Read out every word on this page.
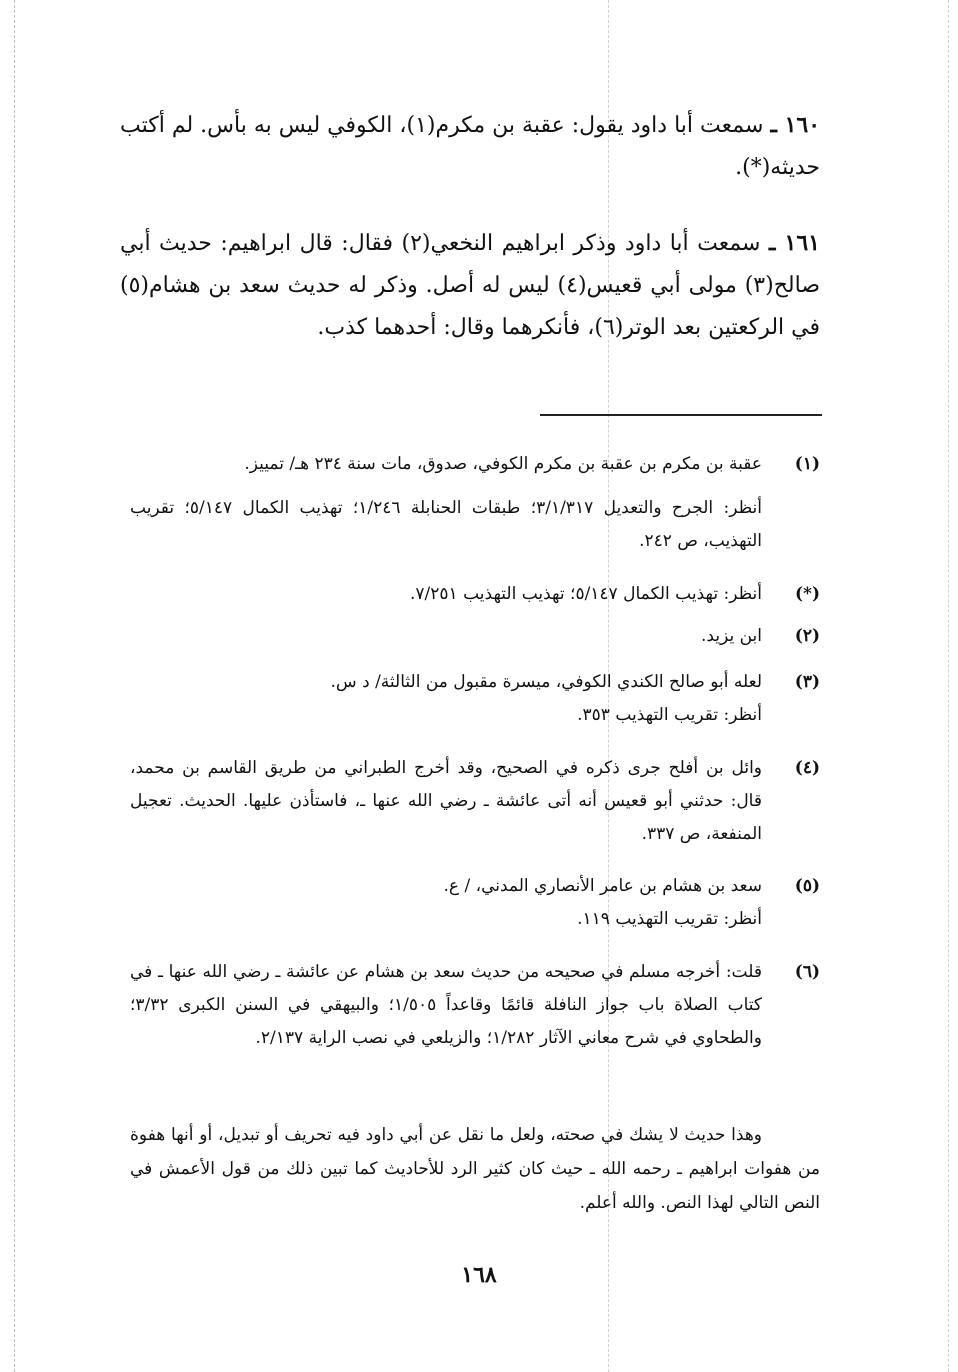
١٦٠ ـ سمعت أبا داود يقول: عقبة بن مكرم(١)، الكوفي ليس به بأس. لم أكتب حديثه(*).
١٦١ ـ سمعت أبا داود وذكر ابراهيم النخعي(٢) فقال: قال ابراهيم: حديث أبي صالح(٣) مولى أبي قعيس(٤) ليس له أصل. وذكر له حديث سعد بن هشام(٥) في الركعتين بعد الوتر(٦)، فأنكرهما وقال: أحدهما كذب.
(١)
عقبة بن مكرم بن عقبة بن مكرم الكوفي، صدوق، مات سنة ٢٣٤ هـ/ تمييز.
أنظر: الجرح والتعديل ٣/١/٣١٧؛ طبقات الحنابلة ١/٢٤٦؛ تهذيب الكمال ٥/١٤٧؛ تقريب التهذيب، ص ٢٤٢.
(*)
أنظر: تهذيب الكمال ٥/١٤٧؛ تهذيب التهذيب ٧/٢٥١.
(٢)
ابن يزيد.
(٣)
لعله أبو صالح الكندي الكوفي، ميسرة مقبول من الثالثة/ د س.
أنظر: تقريب التهذيب ٣٥٣.
(٤)
وائل بن أفلح جرى ذكره في الصحيح، وقد أخرج الطبراني من طريق القاسم بن محمد، قال: حدثني أبو قعيس أنه أتى عائشة ـ رضي الله عنها ـ، فاستأذن عليها. الحديث. تعجيل المنفعة، ص ٣٣٧.
(٥)
سعد بن هشام بن عامر الأنصاري المدني، / ع.
أنظر: تقريب التهذيب ١١٩.
(٦)
قلت: أخرجه مسلم في صحيحه من حديث سعد بن هشام عن عائشة ـ رضي الله عنها ـ في كتاب الصلاة باب جواز النافلة قائمًا وقاعداً ١/٥٠٥؛ والبيهقي في السنن الكبرى ٣/٣٢؛ والطحاوي في شرح معاني الآثار ١/٢٨٢؛ والزيلعي في نصب الراية ٢/١٣٧.
وهذا حديث لا يشك في صحته، ولعل ما نقل عن أبي داود فيه تحريف أو تبديل، أو أنها هفوة من هفوات ابراهيم ـ رحمه الله ـ حيث كان كثير الرد للأحاديث كما تبين ذلك من قول الأعمش في النص التالي لهذا النص. والله أعلم.
١٦٨
